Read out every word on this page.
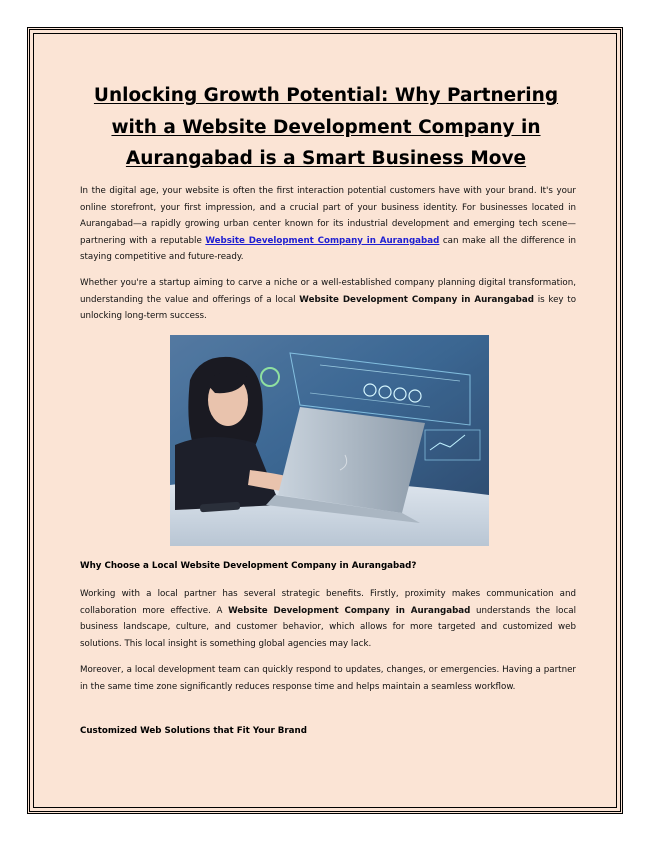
Unlocking Growth Potential: Why Partnering with a Website Development Company in Aurangabad is a Smart Business Move

In the digital age, your website is often the first interaction potential customers have with your brand. It's your online storefront, your first impression, and a crucial part of your business identity. For businesses located in Aurangabad—a rapidly growing urban center known for its industrial development and emerging tech scene—partnering with a reputable Website Development Company in Aurangabad can make all the difference in staying competitive and future-ready.

Whether you're a startup aiming to carve a niche or a well-established company planning digital transformation, understanding the value and offerings of a local Website Development Company in Aurangabad is key to unlocking long-term success.

Why Choose a Local Website Development Company in Aurangabad?

Working with a local partner has several strategic benefits. Firstly, proximity makes communication and collaboration more effective. A Website Development Company in Aurangabad understands the local business landscape, culture, and customer behavior, which allows for more targeted and customized web solutions. This local insight is something global agencies may lack.

Moreover, a local development team can quickly respond to updates, changes, or emergencies. Having a partner in the same time zone significantly reduces response time and helps maintain a seamless workflow.

Customized Web Solutions that Fit Your Brand
